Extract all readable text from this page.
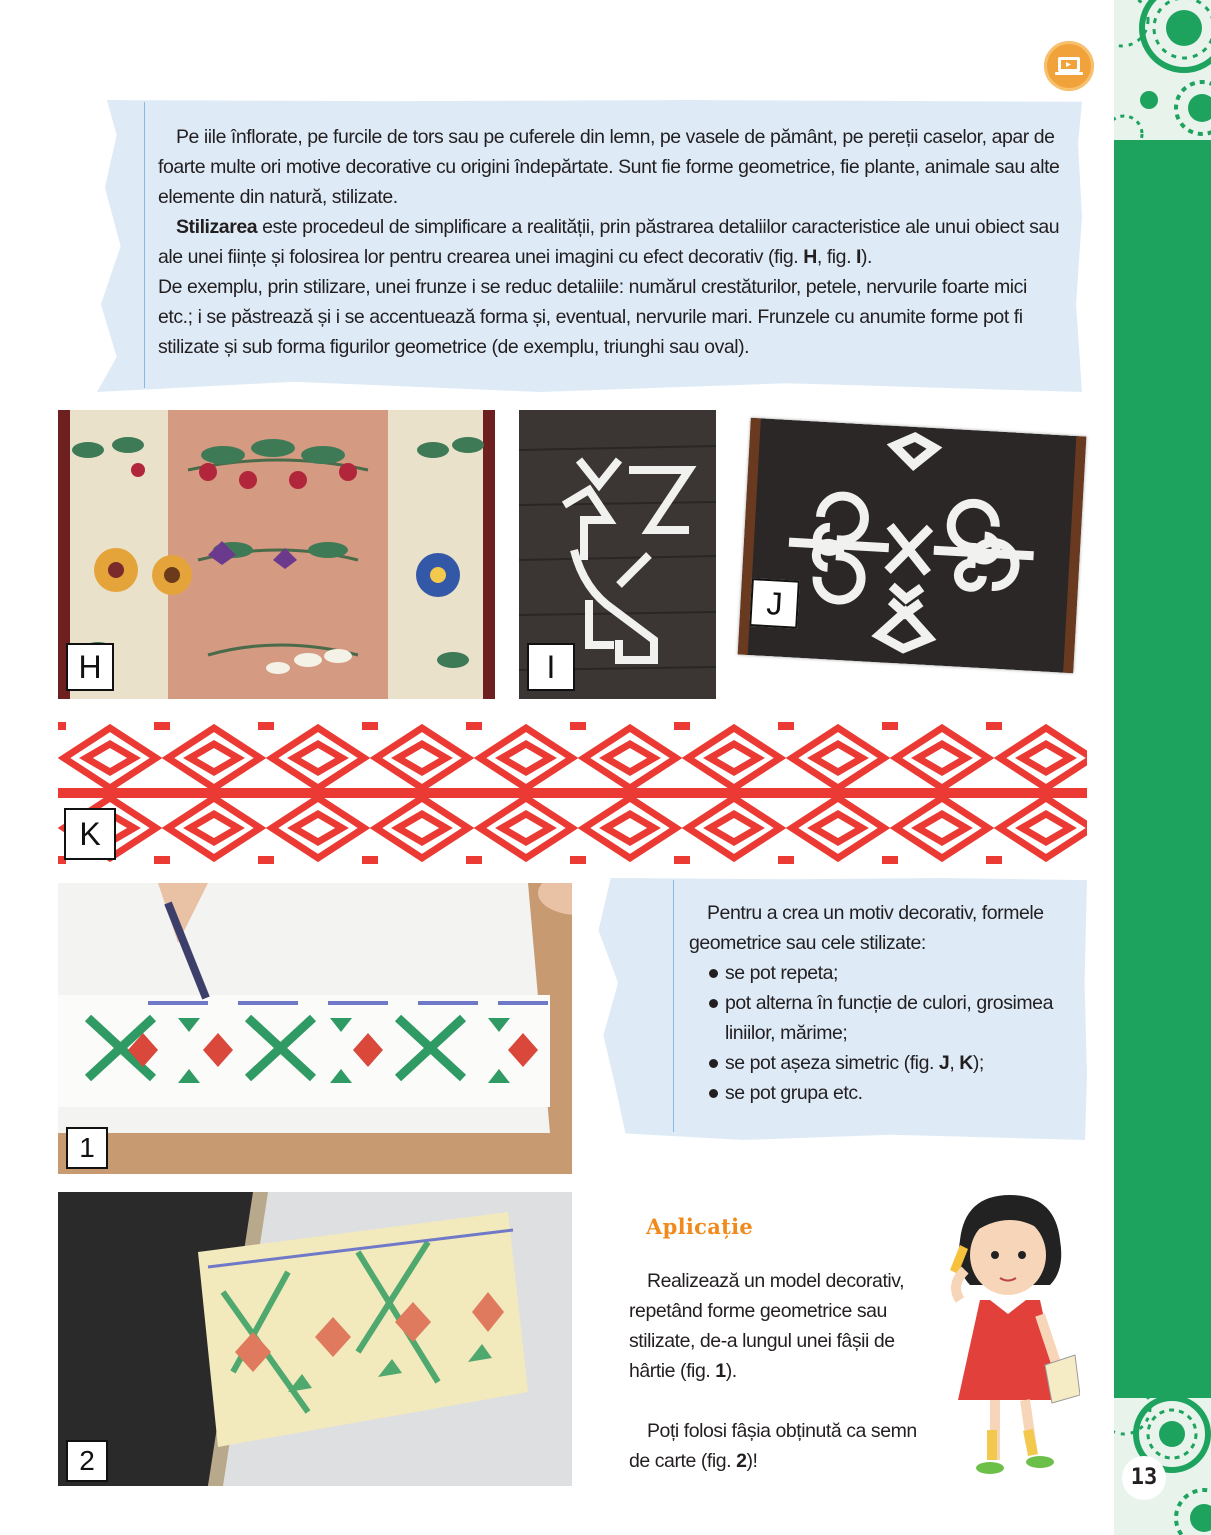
13

Pe iile înflorate, pe furcile de tors sau pe cuferele din lemn, pe vasele de pământ, pe pereții caselor, apar de foarte multe ori motive decorative cu origini îndepărtate. Sunt fie forme geometrice, fie plante, animale sau alte elemente din natură, stilizate.

Stilizarea este procedeul de simplificare a realității, prin păstrarea detaliilor caracteristice ale unui obiect sau ale unei ființe și folosirea lor pentru crearea unei imagini cu efect decorativ (fig. H, fig. I).

De exemplu, prin stilizare, unei frunze i se reduc detaliile: numărul crestăturilor, petele, nervurile foarte mici etc.; i se păstrează și i se accentuează forma și, eventual, nervurile mari. Frunzele cu anumite forme pot fi stilizate și sub forma figurilor geometrice (de exemplu, triunghi sau oval).

H	I
J
K
1

Pentru a crea un motiv decorativ, formele geometrice sau cele stilizate:

se pot repeta;
pot alterna în funcție de culori, grosimea liniilor, mărime;
se pot așeza simetric (fig. J, K);
se pot grupa etc.
2
Aplicație

Realizează un model decorativ, repetând forme geometrice sau stilizate, de-a lungul unei fâșii de hârtie (fig. 1).

Poți folosi fâșia obținută ca semn de carte (fig. 2)!
